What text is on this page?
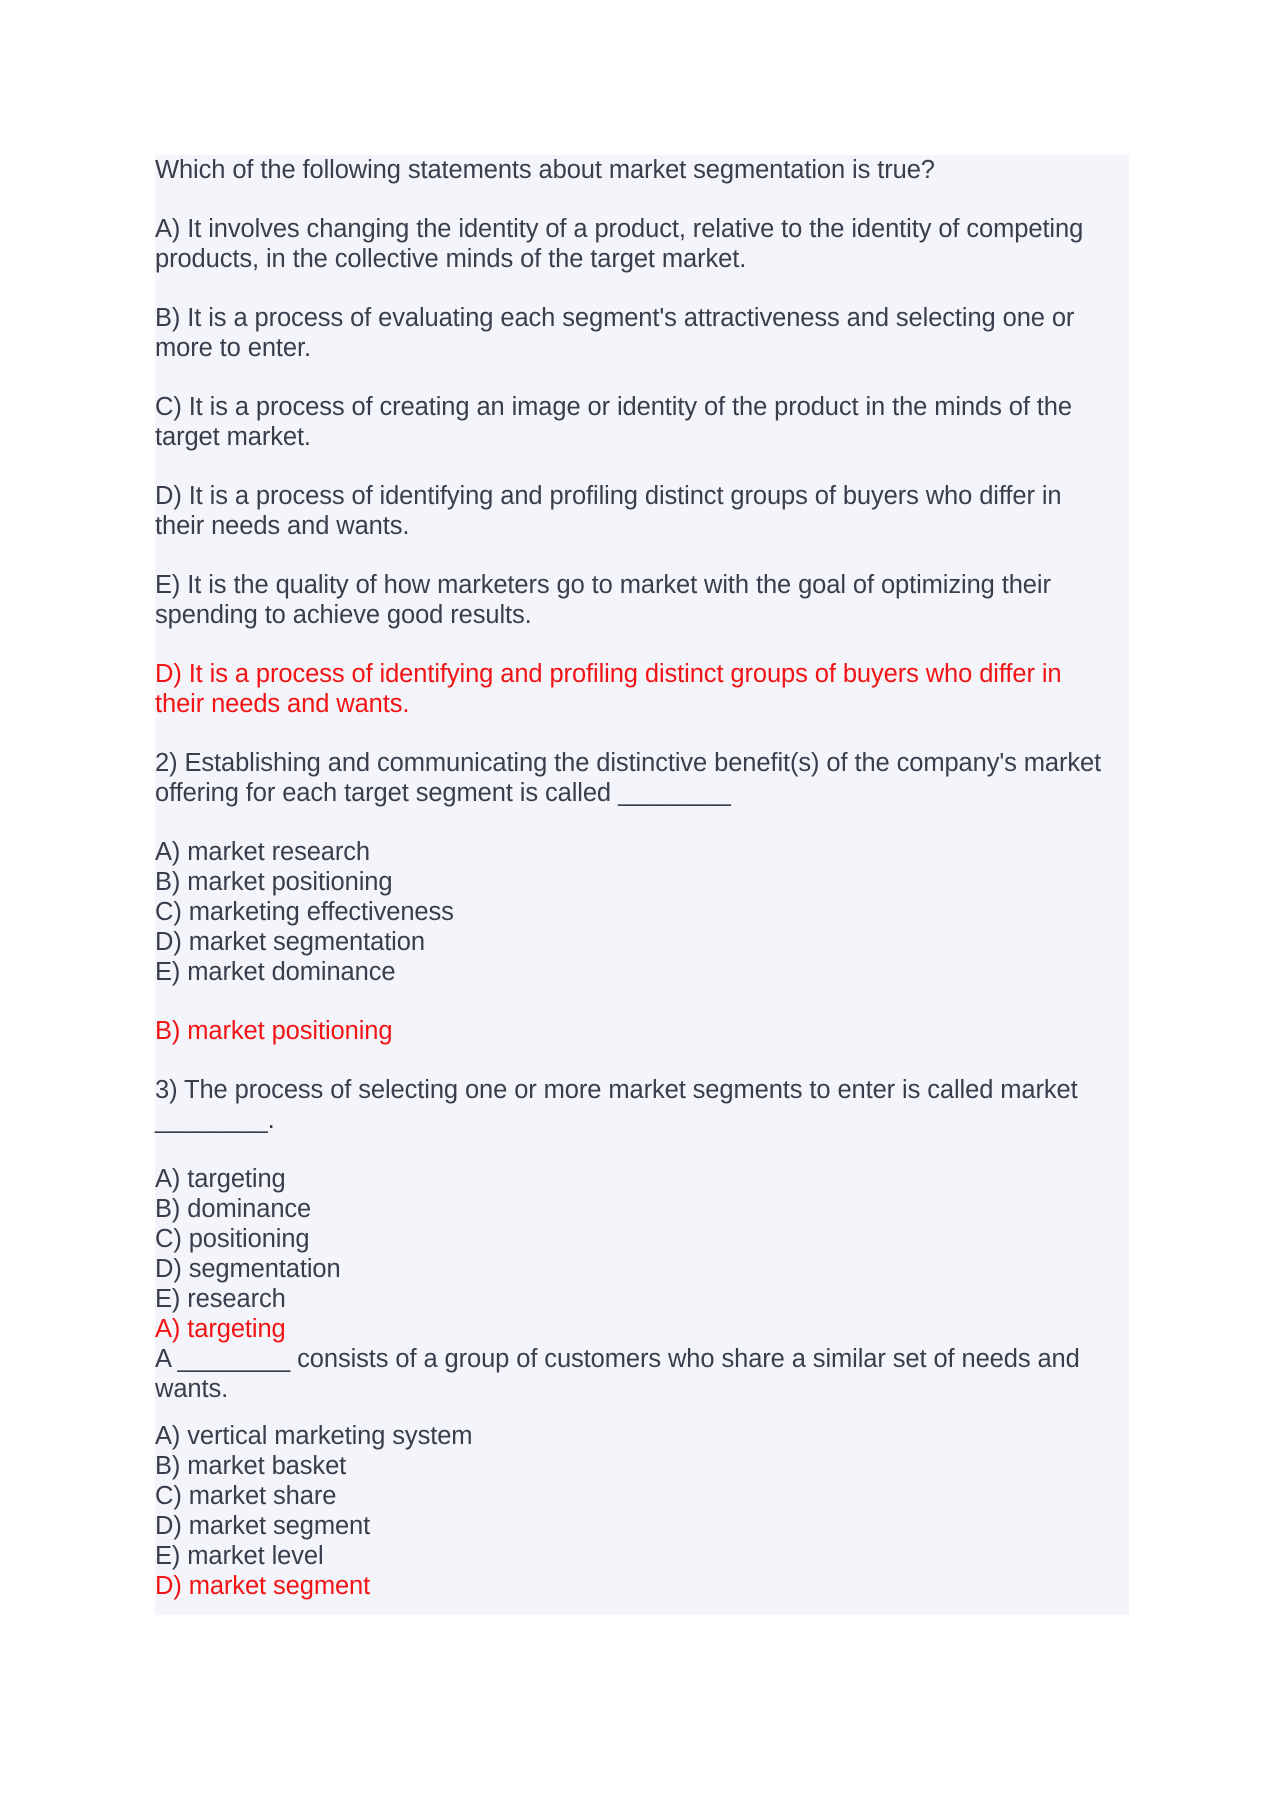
Which of the following statements about market segmentation is true?
A) It involves changing the identity of a product, relative to the identity of competing
products, in the collective minds of the target market.
B) It is a process of evaluating each segment's attractiveness and selecting one or
more to enter.
C) It is a process of creating an image or identity of the product in the minds of the
target market.
D) It is a process of identifying and profiling distinct groups of buyers who differ in
their needs and wants.
E) It is the quality of how marketers go to market with the goal of optimizing their
spending to achieve good results.
D) It is a process of identifying and profiling distinct groups of buyers who differ in
their needs and wants.
2) Establishing and communicating the distinctive benefit(s) of the company's market
offering for each target segment is called ________
A) market research
B) market positioning
C) marketing effectiveness
D) market segmentation
E) market dominance
B) market positioning
3) The process of selecting one or more market segments to enter is called market
________.
A) targeting
B) dominance
C) positioning
D) segmentation
E) research
A) targeting
A ________ consists of a group of customers who share a similar set of needs and
wants.
A) vertical marketing system
B) market basket
C) market share
D) market segment
E) market level
D) market segment
